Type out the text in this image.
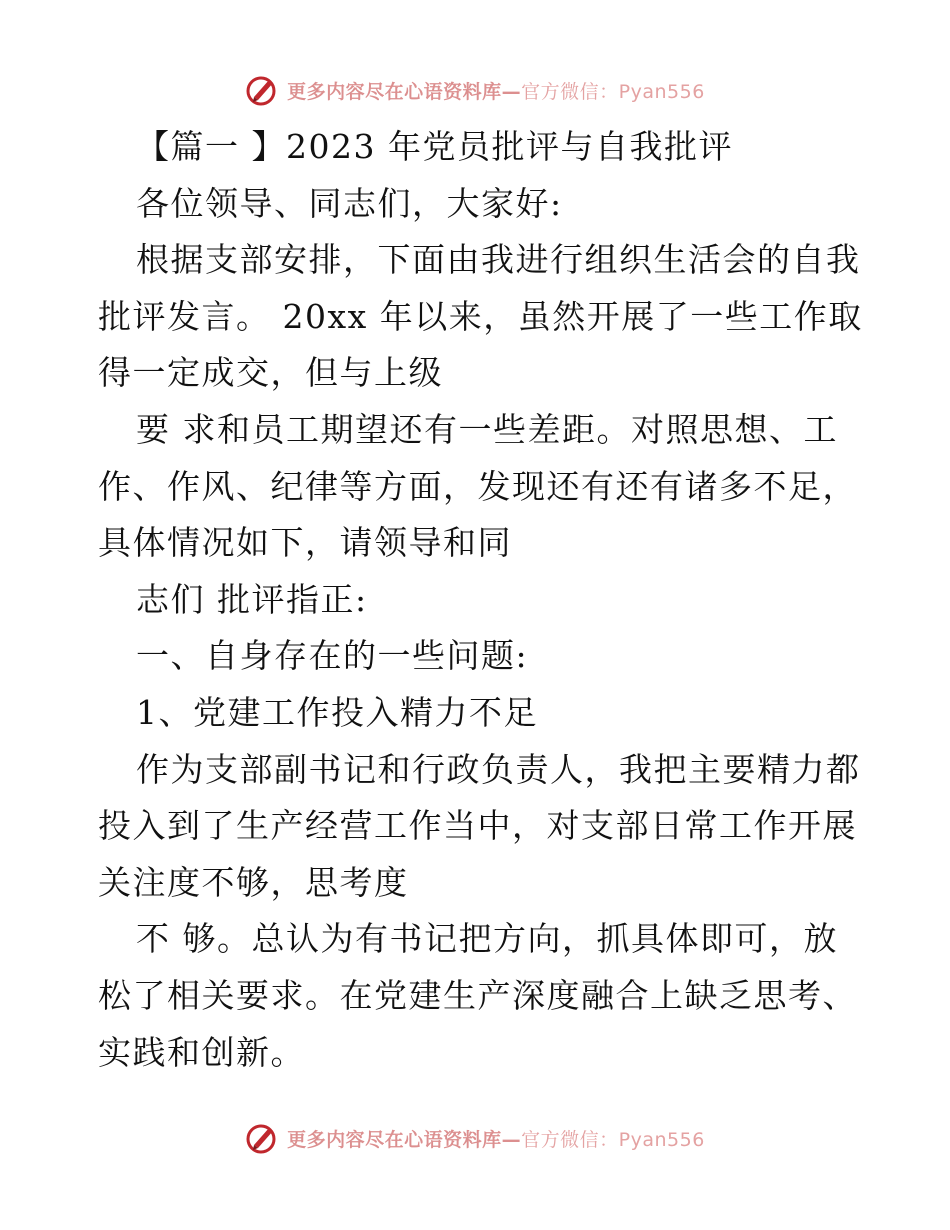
更多内容尽在心语资料库—官方微信：Pyan556
【篇一 】2023 年党员批评与自我批评
各位领导、同志们，大家好:
根据支部安排，下面由我进行组织生活会的自我
批评发言。 20xx 年以来，虽然开展了一些工作取
得一定成交，但与上级
要 求和员工期望还有一些差距。对照思想、工
作、作风、纪律等方面，发现还有还有诸多不足，
具体情况如下，请领导和同
志们 批评指正:
一、自身存在的一些问题:
1、党建工作投入精力不足
作为支部副书记和行政负责人，我把主要精力都
投入到了生产经营工作当中，对支部日常工作开展
关注度不够，思考度
不 够。总认为有书记把方向，抓具体即可，放
松了相关要求。在党建生产深度融合上缺乏思考、
实践和创新。
更多内容尽在心语资料库—官方微信：Pyan556
